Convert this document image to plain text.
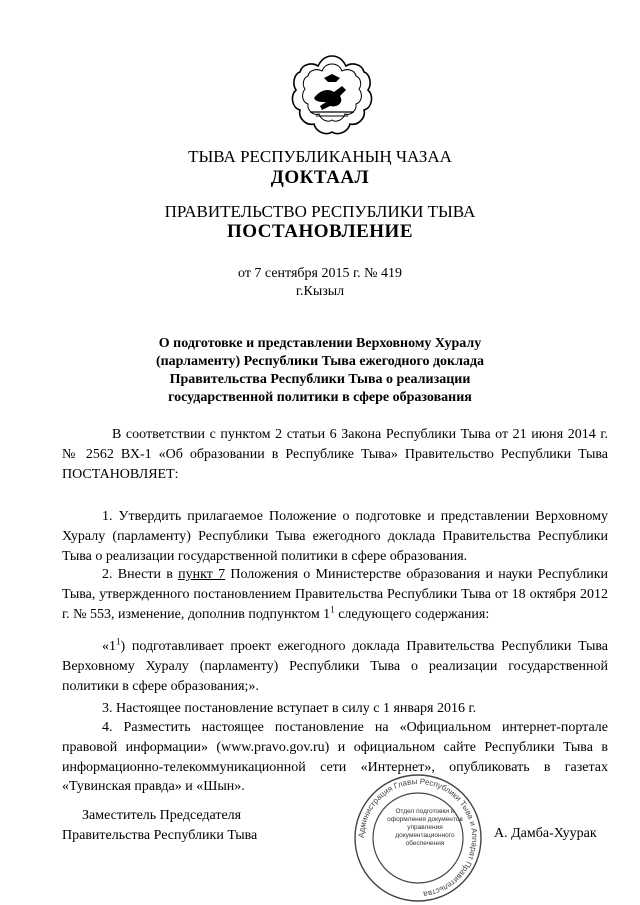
ТЫВА РЕСПУБЛИКАНЫҢ ЧАЗАА
ДОКТААЛ
ПРАВИТЕЛЬСТВО РЕСПУБЛИКИ ТЫВА
ПОСТАНОВЛЕНИЕ
от 7 сентября 2015 г. № 419
г.Кызыл
О подготовке и представлении Верховному Хуралу
(парламенту) Республики Тыва ежегодного доклада
Правительства Республики Тыва о реализации
государственной политики в сфере образования

В соответствии с пунктом 2 статьи 6 Закона Республики Тыва от 21 июня 2014 г. № 2562 ВХ-1 «Об образовании в Республике Тыва» Правительство Республики Тыва ПОСТАНОВЛЯЕТ:

1. Утвердить прилагаемое Положение о подготовке и представлении Верховному Хуралу (парламенту) Республики Тыва ежегодного доклада Правительства Республики Тыва о реализации государственной политики в сфере образования.

2. Внести в пункт 7 Положения о Министерстве образования и науки Республики Тыва, утвержденного постановлением Правительства Республики Тыва от 18 октября 2012 г. № 553, изменение, дополнив подпунктом $1^1$ следующего содержания:

«$1^1$) подготавливает проект ежегодного доклада Правительства Республики Тыва Верховному Хуралу (парламенту) Республики Тыва о реализации государственной политики в сфере образования;».

3. Настоящее постановление вступает в силу с 1 января 2016 г.

4. Разместить настоящее постановление на «Официальном интернет-портале правовой информации» (www.pravo.gov.ru) и официальном сайте Республики Тыва в информационно-телекоммуникационной сети «Интернет», опубликовать в газетах «Тувинская правда» и «Шын».

Заместитель Председателя
Правительства Республики Тыва	Администрация Главы Республики Тыва и Аппарат Правительства
Отдел подготовки и оформления документов управления документационного обеспечения
А. Дамба-Хуурак
